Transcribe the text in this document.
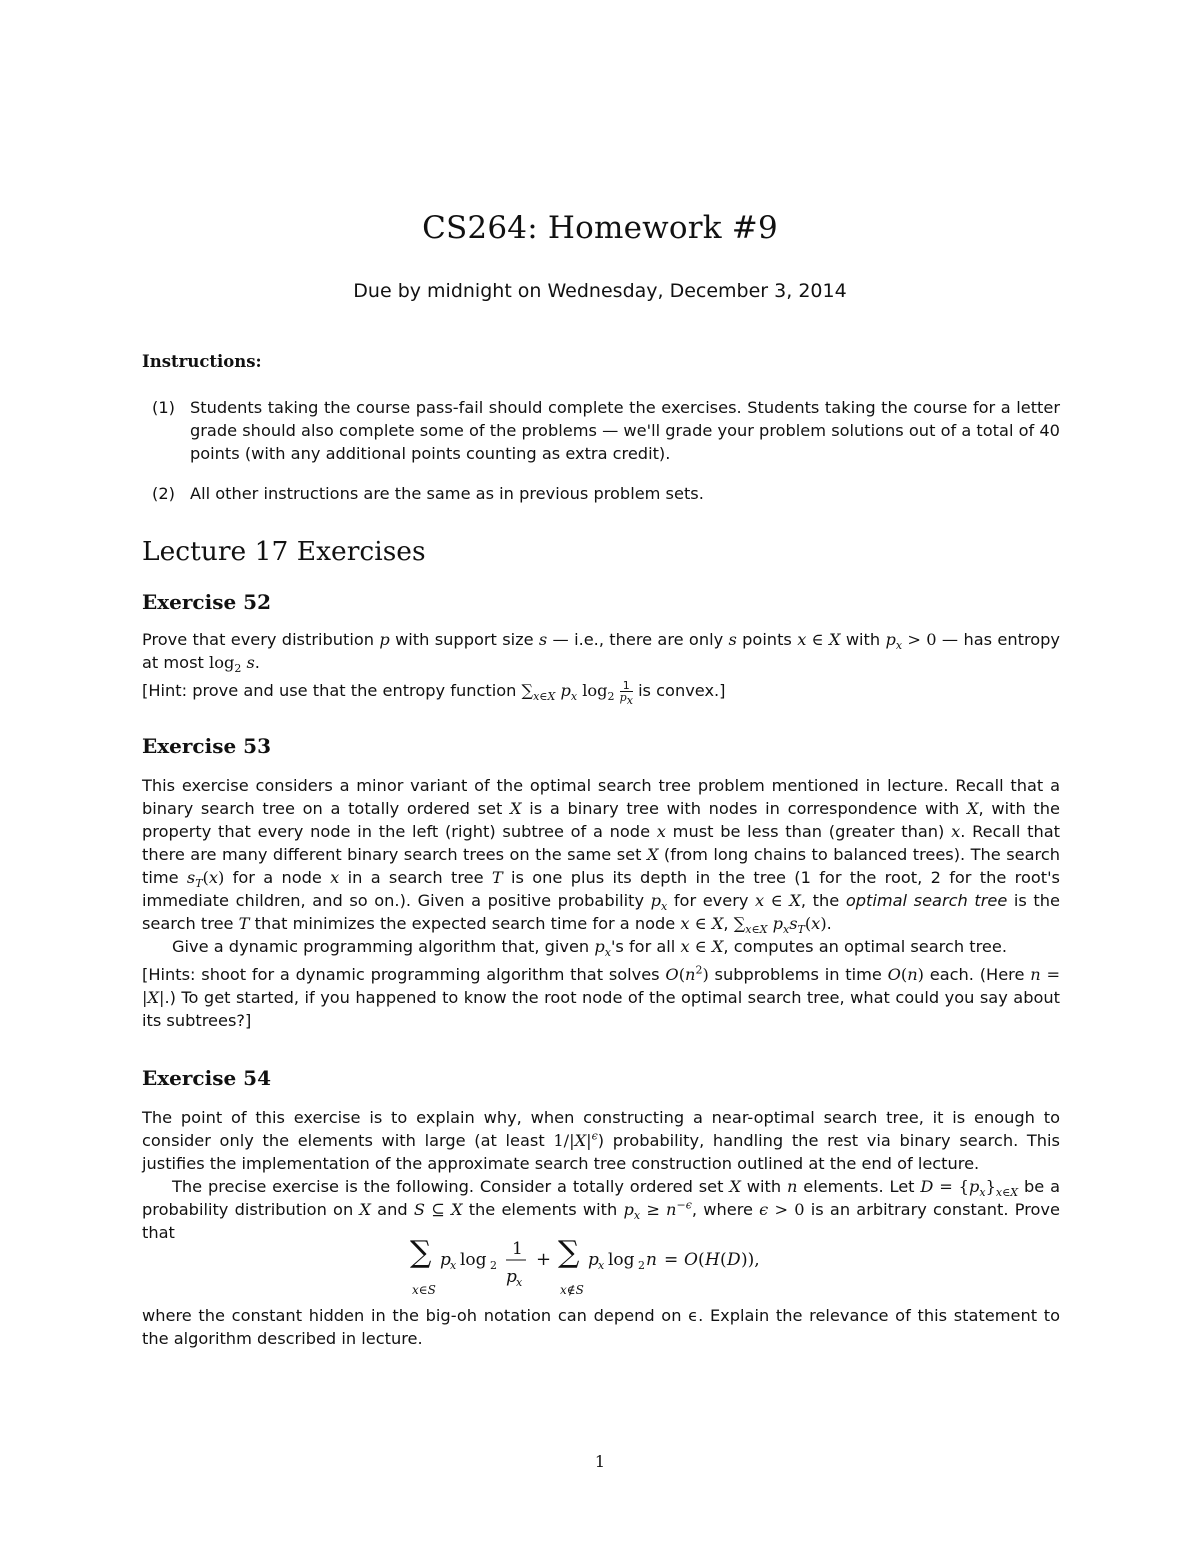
CS264: Homework #9
Due by midnight on Wednesday, December 3, 2014
Instructions:
(1) Students taking the course pass-fail should complete the exercises. Students taking the course for a letter grade should also complete some of the problems — we'll grade your problem solutions out of a total of 40 points (with any additional points counting as extra credit).
(2) All other instructions are the same as in previous problem sets.
Lecture 17 Exercises
Exercise 52

Prove that every distribution p with support size s — i.e., there are only s points x ∈ X with $p_x > 0$ — has entropy at most $\log_2 s$.

[Hint: prove and use that the entropy function $\sum_{x\in X}$ $p_x$ $\log_2 \frac{1}{p_x}$ is convex.]

Exercise 53

This exercise considers a minor variant of the optimal search tree problem mentioned in lecture. Recall that a binary search tree on a totally ordered set X is a binary tree with nodes in correspondence with X, with the property that every node in the left (right) subtree of a node x must be less than (greater than) x. Recall that there are many different binary search trees on the same set X (from long chains to balanced trees). The search time $s_T(x)$ for a node x in a search tree T is one plus its depth in the tree (1 for the root, 2 for the root's immediate children, and so on.). Given a positive probability $p_x$ for every x ∈ X, the optimal search tree is the search tree T that minimizes the expected search time for a node x ∈ X, $\sum_{x\in X}$ $p_xs_T(x)$.

Give a dynamic programming algorithm that, given $p_x's$ for all x ∈ X, computes an optimal search tree.

[Hints: shoot for a dynamic programming algorithm that solves $O(n^2)$ subproblems in time O(n) each. (Here n = |X|.) To get started, if you happened to know the root node of the optimal search tree, what could you say about its subtrees?]

Exercise 54

The point of this exercise is to explain why, when constructing a near-optimal search tree, it is enough to consider only the elements with large (at least $1/|X|^\epsilon$) probability, handling the rest via binary search. This justifies the implementation of the approximate search tree construction outlined at the end of lecture.

The precise exercise is the following. Consider a totally ordered set X with n elements. Let $D = \{p_x\}_{x\in X}$ be a probability distribution on X and S ⊆ X the elements with $p_x \ge n^{-\epsilon}$, where ϵ > 0 is an arbitrary constant. Prove that

∑
x∈S
p x log 2
1
p x
+ ∑
x∉S
p x log 2 n = O ( H ( D )),
where the constant hidden in the big-oh notation can depend on ϵ. Explain the relevance of this statement to the algorithm described in lecture.
1
